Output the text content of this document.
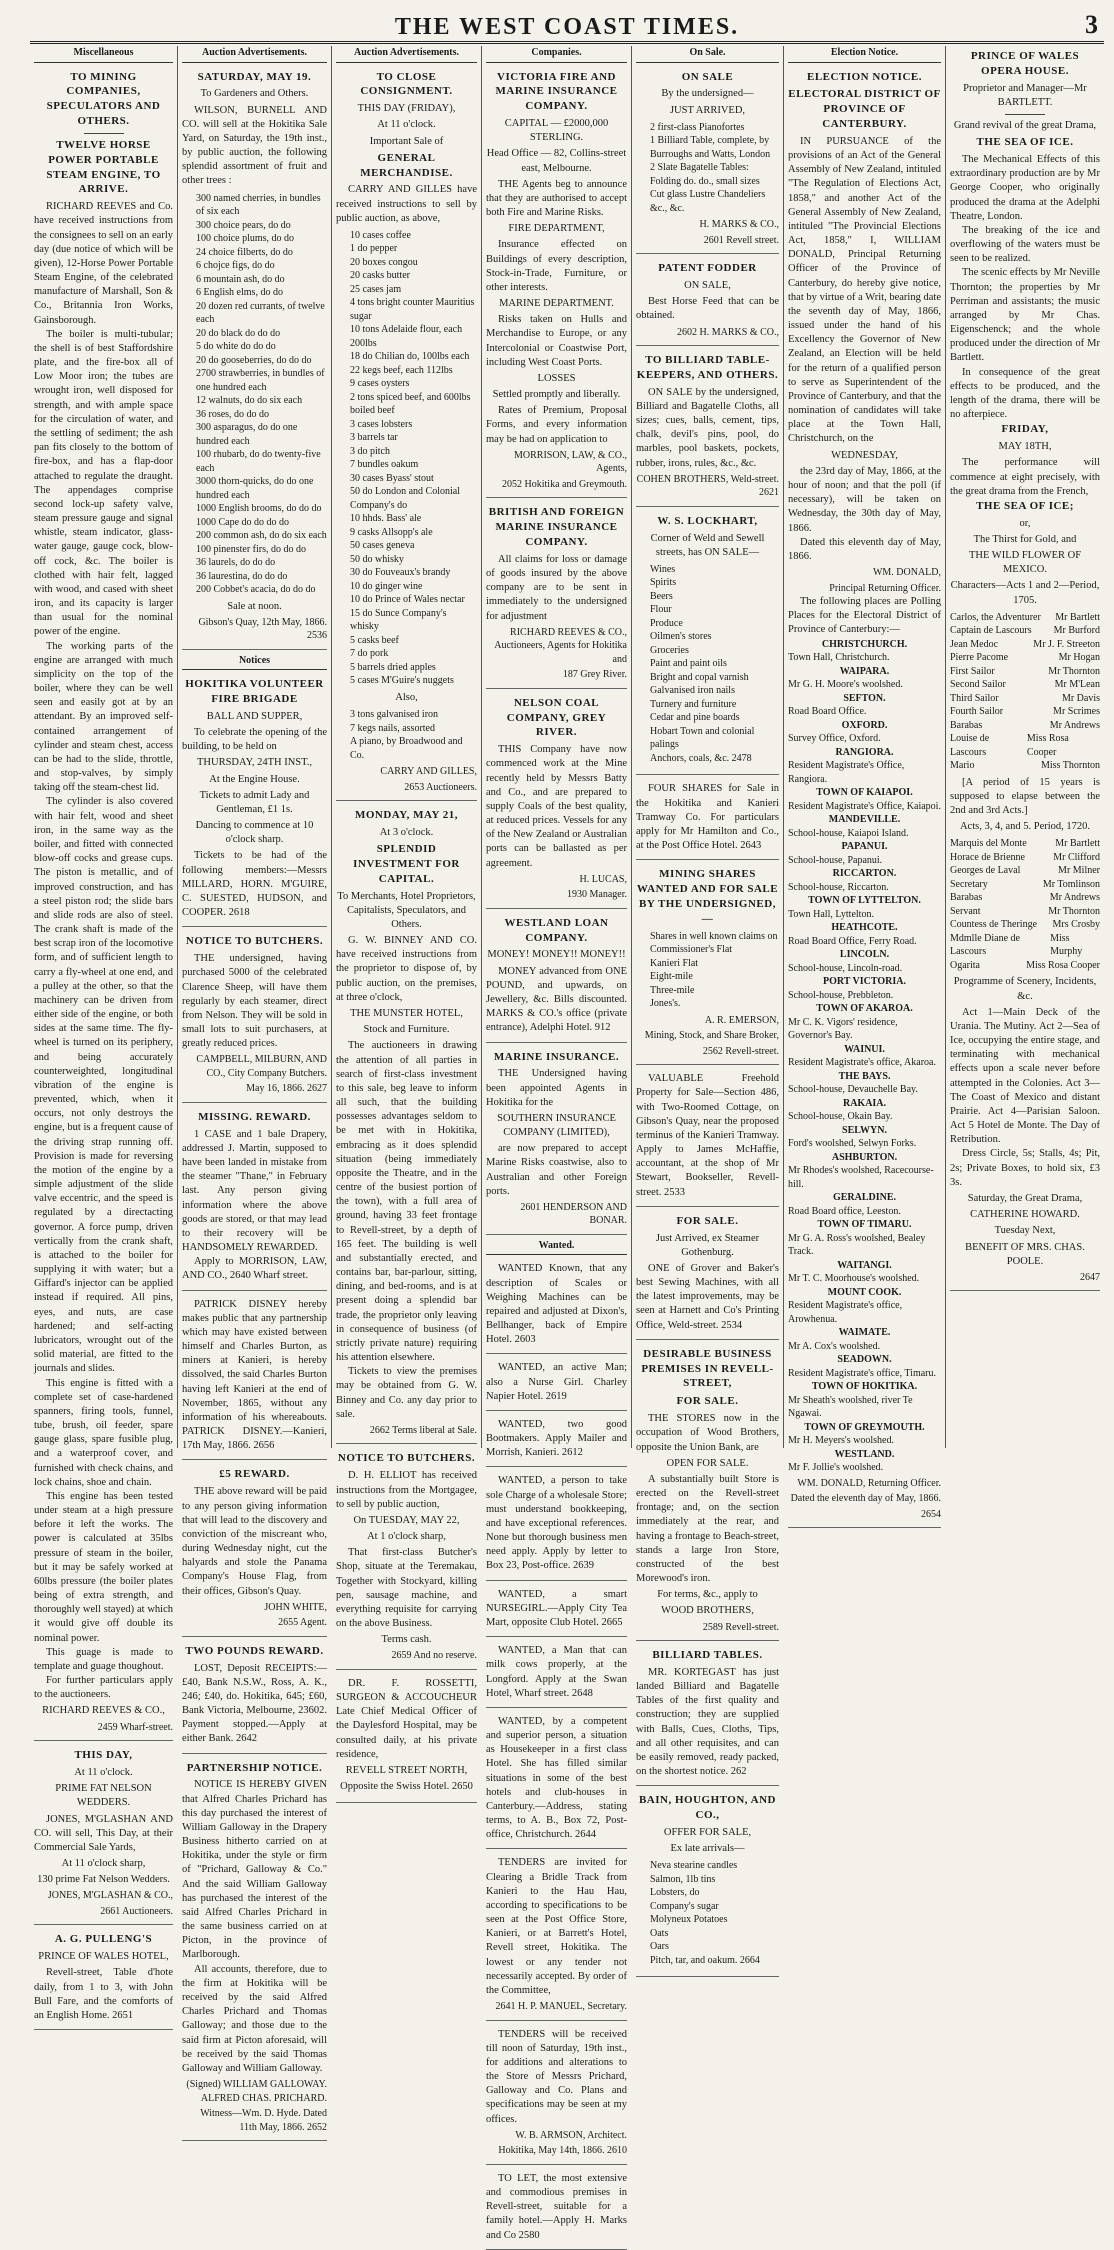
THE WEST COAST TIMES.	3
Miscellaneous
TO MINING COMPANIES, SPECULATORS AND OTHERS.
TWELVE HORSE POWER PORTABLE STEAM ENGINE, TO ARRIVE.

RICHARD REEVES and Co. have received instructions from the consignees to sell on an early day (due notice of which will be given), 12-Horse Power Portable Steam Engine, of the celebrated manufacture of Marshall, Son & Co., Britannia Iron Works, Gainsborough.

The boiler is multi-tubular; the shell is of best Staffordshire plate, and the fire-box all of Low Moor iron; the tubes are wrought iron, well disposed for strength, and with ample space for the circulation of water, and the settling of sediment; the ash pan fits closely to the bottom of fire-box, and has a flap-door attached to regulate the draught. The appendages comprise second lock-up safety valve, steam pressure gauge and signal whistle, steam indicator, glass-water gauge, gauge cock, blow-off cock, &c. The boiler is clothed with hair felt, lagged with wood, and cased with sheet iron, and its capacity is larger than usual for the nominal power of the engine.

The working parts of the engine are arranged with much simplicity on the top of the boiler, where they can be well seen and easily got at by an attendant. By an improved self-contained arrangement of cylinder and steam chest, access can be had to the slide, throttle, and stop-valves, by simply taking off the steam-chest lid.

The cylinder is also covered with hair felt, wood and sheet iron, in the same way as the boiler, and fitted with connected blow-off cocks and grease cups. The piston is metallic, and of improved construction, and has a steel piston rod; the slide bars and slide rods are also of steel. The crank shaft is made of the best scrap iron of the locomotive form, and of sufficient length to carry a fly-wheel at one end, and a pulley at the other, so that the machinery can be driven from either side of the engine, or both sides at the same time. The fly-wheel is turned on its periphery, and being accurately counterweighted, longitudinal vibration of the engine is prevented, which, when it occurs, not only destroys the engine, but is a frequent cause of the driving strap running off. Provision is made for reversing the motion of the engine by a simple adjustment of the slide valve eccentric, and the speed is regulated by a directacting governor. A force pump, driven vertically from the crank shaft, is attached to the boiler for supplying it with water; but a Giffard's injector can be applied instead if required. All pins, eyes, and nuts, are case hardened; and self-acting lubricators, wrought out of the solid material, are fitted to the journals and slides.

This engine is fitted with a complete set of case-hardened spanners, firing tools, funnel, tube, brush, oil feeder, spare gauge glass, spare fusible plug, and a waterproof cover, and furnished with check chains, and lock chains, shoe and chain.

This engine has been tested under steam at a high pressure before it left the works. The power is calculated at 35lbs pressure of steam in the boiler, but it may be safely worked at 60lbs pressure (the boiler plates being of extra strength, and thoroughly well stayed) at which it would give off double its nominal power.

This guage is made to template and guage thoughout.

For further particulars apply to the auctioneers.

RICHARD REEVES & CO.,
2459 Wharf-street.
THIS DAY,
At 11 o'clock.
PRIME FAT NELSON WEDDERS.

JONES, M'GLASHAN AND CO. will sell, This Day, at their Commercial Sale Yards,

At 11 o'clock sharp,
130 prime Fat Nelson Wedders.
JONES, M'GLASHAN & CO.,
2661 Auctioneers.
A. G. PULLENG'S
PRINCE OF WALES HOTEL,

Revell-street, Table d'hote daily, from 1 to 3, with John Bull Fare, and the comforts of an English Home. 2651

Auction Advertisements.
SATURDAY, MAY 19.
To Gardeners and Others.

WILSON, BURNELL AND CO. will sell at the Hokitika Sale Yard, on Saturday, the 19th inst., by public auction, the following splendid assortment of fruit and other trees :

300 named cherries, in bundles of six each
300 choice pears, do do
100 choice plums, do do
24 choice filberts, do do
6 chojce figs, do do
6 mountain ash, do do
6 English elms, do do
20 dozen red currants, of twelve each
20 do black do do do
5 do white do do do
20 do gooseberries, do do do
2700 strawberries, in bundles of one hundred each
12 walnuts, do do six each
36 roses, do do do
300 asparagus, do do one hundred each
100 rhubarb, do do twenty-five each
3000 thorn-quicks, do do one hundred each
1000 English brooms, do do do
1000 Cape do do do do
200 common ash, do do six each
100 pinenster firs, do do do
36 laurels, do do do
36 laurestina, do do do
200 Cobbet's acacia, do do do
Sale at noon.
Gibson's Quay, 12th May, 1866. 2536
Notices
HOKITIKA VOLUNTEER FIRE BRIGADE
BALL AND SUPPER,

To celebrate the opening of the building, to be held on

THURSDAY, 24TH INST.,
At the Engine House.
Tickets to admit Lady and Gentleman, £1 1s.
Dancing to commence at 10 o'clock sharp.

Tickets to be had of the following members:—Messrs MILLARD, HORN. M'GUIRE, C. SUESTED, HUDSON, and COOPER. 2618

NOTICE TO BUTCHERS.

THE undersigned, having purchased 5000 of the celebrated Clarence Sheep, will have them regularly by each steamer, direct from Nelson. They will be sold in small lots to suit purchasers, at greatly reduced prices.

CAMPBELL, MILBURN, AND CO., City Company Butchers.
May 16, 1866. 2627
MISSING. REWARD.

1 CASE and 1 bale Drapery, addressed J. Martin, supposed to have been landed in mistake from the steamer "Thane," in February last. Any person giving information where the above goods are stored, or that may lead to their recovery will be HANDSOMELY REWARDED.

Apply to MORRISON, LAW, AND CO., 2640 Wharf street.

PATRICK DISNEY hereby makes public that any partnership which may have existed between himself and Charles Burton, as miners at Kanieri, is hereby dissolved, the said Charles Burton having left Kanieri at the end of November, 1865, without any information of his whereabouts. PATRICK DISNEY.—Kanieri, 17th May, 1866. 2656

£5 REWARD.

THE above reward will be paid to any person giving information that will lead to the discovery and conviction of the miscreant who, during Wednesday night, cut the halyards and stole the Panama Company's House Flag, from their offices, Gibson's Quay.

JOHN WHITE,
2655 Agent.
TWO POUNDS REWARD.

LOST, Deposit RECEIPTS:— £40, Bank N.S.W., Ross, A. K., 246; £40, do. Hokitika, 645; £60, Bank Victoria, Melbourne, 23602. Payment stopped.—Apply at either Bank. 2642

PARTNERSHIP NOTICE.

NOTICE IS HEREBY GIVEN that Alfred Charles Prichard has this day purchased the interest of William Galloway in the Drapery Business hitherto carried on at Hokitika, under the style or firm of "Prichard, Galloway & Co." And the said William Galloway has purchased the interest of the said Alfred Charles Prichard in the same business carried on at Picton, in the province of Marlborough.

All accounts, therefore, due to the firm at Hokitika will be received by the said Alfred Charles Prichard and Thomas Galloway; and those due to the said firm at Picton aforesaid, will be received by the said Thomas Galloway and William Galloway.

(Signed) WILLIAM GALLOWAY. ALFRED CHAS. PRICHARD.
Witness—Wm. D. Hyde. Dated 11th May, 1866. 2652
Auction Advertisements.
TO CLOSE CONSIGNMENT.
THIS DAY (FRIDAY),
At 11 o'clock.
Important Sale of
GENERAL MERCHANDISE.

CARRY AND GILLES have received instructions to sell by public auction, as above,

10 cases coffee
1 do pepper
20 boxes congou
20 casks butter
25 cases jam
4 tons bright counter Mauritius sugar
10 tons Adelaide flour, each 200lbs
18 do Chilian do, 100lbs each
22 kegs beef, each 112lbs
9 cases oysters
2 tons spiced beef, and 600lbs boiled beef
3 cases lobsters
3 barrels tar
3 do pitch
7 bundles oakum
30 cases Byass' stout
50 do London and Colonial Company's do
10 hhds. Bass' ale
9 casks Allsopp's ale
50 cases geneva
50 do whisky
30 do Fouveaux's brandy
10 do ginger wine
10 do Prince of Wales nectar
15 do Sunce Company's whisky
5 casks beef
7 do pork
5 barrels dried apples
5 cases M'Guire's nuggets
Also,
3 tons galvanised iron
7 kegs nails, assorted
A piano, by Broadwood and Co.
CARRY AND GILLES,
2653 Auctioneers.
MONDAY, MAY 21,
At 3 o'clock.
SPLENDID INVESTMENT FOR CAPITAL.
To Merchants, Hotel Proprietors, Capitalists, Speculators, and Others.

G. W. BINNEY AND CO. have received instructions from the proprietor to dispose of, by public auction, on the premises, at three o'clock,

THE MUNSTER HOTEL,
Stock and Furniture.

The auctioneers in drawing the attention of all parties in search of first-class investment to this sale, beg leave to inform all such, that the building possesses advantages seldom to be met with in Hokitika, embracing as it does splendid situation (being immediately opposite the Theatre, and in the centre of the busiest portion of the town), with a full area of ground, having 33 feet frontage to Revell-street, by a depth of 165 feet. The building is well and substantially erected, and contains bar, bar-parlour, sitting, dining, and bed-rooms, and is at present doing a splendid bar trade, the proprietor only leaving in consequence of business (of strictly private nature) requiring his attention elsewhere.

Tickets to view the premises may be obtained from G. W. Binney and Co. any day prior to sale.

2662 Terms liberal at Sale.
NOTICE TO BUTCHERS.

D. H. ELLIOT has received instructions from the Mortgagee, to sell by public auction,

On TUESDAY, MAY 22,
At 1 o'clock sharp,

That first-class Butcher's Shop, situate at the Teremakau, Together with Stockyard, killing pen, sausage machine, and everything requisite for carrying on the above Business.

Terms cash.
2659 And no reserve.

DR. F. ROSSETTI, SURGEON & ACCOUCHEUR Late Chief Medical Officer of the Daylesford Hospital, may be consulted daily, at his private residence,

REVELL STREET NORTH,
Opposite the Swiss Hotel. 2650
Companies.
VICTORIA FIRE AND MARINE INSURANCE COMPANY.
CAPITAL — £2000,000 STERLING.
Head Office — 82, Collins-street east, Melbourne.

THE Agents beg to announce that they are authorised to accept both Fire and Marine Risks.

FIRE DEPARTMENT,

Insurance effected on Buildings of every description, Stock-in-Trade, Furniture, or other interests.

MARINE DEPARTMENT.

Risks taken on Hulls and Merchandise to Europe, or any Intercolonial or Coastwise Port, including West Coast Ports.

LOSSES
Settled promptly and liberally.

Rates of Premium, Proposal Forms, and every information may be had on application to

MORRISON, LAW, & CO., Agents,
2052 Hokitika and Greymouth.
BRITISH AND FOREIGN MARINE INSURANCE COMPANY.

All claims for loss or damage of goods insured by the above company are to be sent in immediately to the undersigned for adjustment

RICHARD REEVES & CO., Auctioneers, Agents for Hokitika and
187 Grey River.
NELSON COAL COMPANY, GREY RIVER.

THIS Company have now commenced work at the Mine recently held by Messrs Batty and Co., and are prepared to supply Coals of the best quality, at reduced prices. Vessels for any of the New Zealand or Australian ports can be ballasted as per agreement.

H. LUCAS,
1930 Manager.
WESTLAND LOAN COMPANY.
MONEY! MONEY!! MONEY!!

MONEY advanced from ONE POUND, and upwards, on Jewellery, &c. Bills discounted. MARKS & CO.'s office (private entrance), Adelphi Hotel. 912

MARINE INSURANCE.

THE Undersigned having been appointed Agents in Hokitika for the

SOUTHERN INSURANCE COMPANY (LIMITED),

are now prepared to accept Marine Risks coastwise, also to Australian and other Foreign ports.

2601 HENDERSON AND BONAR.
Wanted.

WANTED Known, that any description of Scales or Weighing Machines can be repaired and adjusted at Dixon's, Bellhanger, back of Empire Hotel. 2603

WANTED, an active Man; also a Nurse Girl. Charley Napier Hotel. 2619

WANTED, two good Bootmakers. Apply Mailer and Morrish, Kanieri. 2612

WANTED, a person to take sole Charge of a wholesale Store; must understand bookkeeping, and have exceptional references. None but thorough business men need apply. Apply by letter to Box 23, Post-office. 2639

WANTED, a smart NURSEGIRL.—Apply City Tea Mart, opposite Club Hotel. 2665

WANTED, a Man that can milk cows properly, at the Longford. Apply at the Swan Hotel, Wharf street. 2648

WANTED, by a competent and superior person, a situation as Housekeeper in a first class Hotel. She has filled similar situations in some of the best hotels and club-houses in Canterbury.—Address, stating terms, to A. B., Box 72, Post-office, Christchurch. 2644

TENDERS are invited for Clearing a Bridle Track from Kanieri to the Hau Hau, according to specifications to be seen at the Post Office Store, Kanieri, or at Barrett's Hotel, Revell street, Hokitika. The lowest or any tender not necessarily accepted. By order of the Committee,

2641 H. P. MANUEL, Secretary.

TENDERS will be received till noon of Saturday, 19th inst., for additions and alterations to the Store of Messrs Prichard, Galloway and Co. Plans and specifications may be seen at my offices.

W. B. ARMSON, Architect.
Hokitika, May 14th, 1866. 2610

TO LET, the most extensive and commodious premises in Revell-street, suitable for a family hotel.—Apply H. Marks and Co 2580

On Sale.
ON SALE
By the undersigned—
JUST ARRIVED,
2 first-class Pianofortes
1 Billiard Table, complete, by Burroughs and Watts, London
2 Slate Bagatelle Tables:
Folding do. do., small sizes
Cut glass Lustre Chandeliers
&c., &c.
H. MARKS & CO.,
2601 Revell street.
PATENT FODDER
ON SALE,

Best Horse Feed that can be obtained.

2602 H. MARKS & CO.,
TO BILLIARD TABLE-KEEPERS, AND OTHERS.

ON SALE by the undersigned, Billiard and Bagatelle Cloths, all sizes; cues, balls, cement, tips, chalk, devil's pins, pool, do marbles, pool baskets, pockets, rubber, irons, rules, &c., &c.

COHEN BROTHERS, Weld-street. 2621
W. S. LOCKHART,
Corner of Weld and Sewell streets, has ON SALE—
Wines
Spirits
Beers
Flour
Produce
Oilmen's stores
Groceries
Paint and paint oils
Bright and copal varnish
Galvanised iron nails
Turnery and furniture
Cedar and pine boards
Hobart Town and colonial palings
Anchors, coals, &c. 2478

FOUR SHARES for Sale in the Hokitika and Kanieri Tramway Co. For particulars apply for Mr Hamilton and Co., at the Post Office Hotel. 2643

MINING SHARES WANTED AND FOR SALE BY THE UNDERSIGNED,—
Shares in well known claims on
Commissioner's Flat
Kanieri Flat
Eight-mile
Three-mile
Jones's.
A. R. EMERSON,
Mining, Stock, and Share Broker,
2562 Revell-street.

VALUABLE Freehold Property for Sale—Section 486, with Two-Roomed Cottage, on Gibson's Quay, near the proposed terminus of the Kanieri Tramway. Apply to James McHaffie, accountant, at the shop of Mr Stewart, Bookseller, Revell-street. 2533

FOR SALE.
Just Arrived, ex Steamer Gothenburg.

ONE of Grover and Baker's best Sewing Machines, with all the latest improvements, may be seen at Harnett and Co's Printing Office, Weld-street. 2534

DESIRABLE BUSINESS PREMISES IN REVELL-STREET,
FOR SALE.

THE STORES now in the occupation of Wood Brothers, opposite the Union Bank, are

OPEN FOR SALE.

A substantially built Store is erected on the Revell-street frontage; and, on the section immediately at the rear, and having a frontage to Beach-street, stands a large Iron Store, constructed of the best Morewood's iron.

For terms, &c., apply to
WOOD BROTHERS,
2589 Revell-street.
BILLIARD TABLES.

MR. KORTEGAST has just landed Billiard and Bagatelle Tables of the first quality and construction; they are supplied with Balls, Cues, Cloths, Tips, and all other requisites, and can be easily removed, ready packed, on the shortest notice. 262

BAIN, HOUGHTON, AND CO.,
OFFER FOR SALE,
Ex late arrivals—
Neva stearine candles
Salmon, 1lb tins
Lobsters, do
Company's sugar
Molyneux Potatoes
Oats
Oars
Pitch, tar, and oakum. 2664
Election Notice.
ELECTION NOTICE.
ELECTORAL DISTRICT OF PROVINCE OF CANTERBURY.

IN PURSUANCE of the provisions of an Act of the General Assembly of New Zealand, intituled "The Regulation of Elections Act, 1858," and another Act of the General Assembly of New Zealand, intituled "The Provincial Elections Act, 1858," I, WILLIAM DONALD, Principal Returning Officer of the Province of Canterbury, do hereby give notice, that by virtue of a Writ, bearing date the seventh day of May, 1866, issued under the hand of his Excellency the Governor of New Zealand, an Election will be held for the return of a qualified person to serve as Superintendent of the Province of Canterbury, and that the nomination of candidates will take place at the Town Hall, Christchurch, on the

WEDNESDAY,

the 23rd day of May, 1866, at the hour of noon; and that the poll (if necessary), will be taken on Wednesday, the 30th day of May, 1866.

Dated this eleventh day of May, 1866.

WM. DONALD,
Principal Returning Officer.

The following places are Polling Places for the Electoral District of Province of Canterbury:—

CHRISTCHURCH.
Town Hall, Christchurch.
WAIPARA.
Mr G. H. Moore's woolshed.
SEFTON.
Road Board Office.
OXFORD.
Survey Office, Oxford.
RANGIORA.
Resident Magistrate's Office, Rangiora.
TOWN OF KAIAPOI.
Resident Magistrate's Office, Kaiapoi.
MANDEVILLE.
School-house, Kaiapoi Island.
PAPANUI.
School-house, Papanui.
RICCARTON.
School-house, Riccarton.
TOWN OF LYTTELTON.
Town Hall, Lyttelton.
HEATHCOTE.
Road Board Office, Ferry Road.
LINCOLN.
School-house, Lincoln-road.
PORT VICTORIA.
School-house, Prebbleton.
TOWN OF AKAROA.
Mr C. K. Vigors' residence, Governor's Bay.
WAINUI.
Resident Magistrate's office, Akaroa.
THE BAYS.
School-house, Devauchelle Bay.
RAKAIA.
School-house, Okain Bay.
SELWYN.
Ford's woolshed, Selwyn Forks.
ASHBURTON.
Mr Rhodes's woolshed, Racecourse-hill.
GERALDINE.
Road Board office, Leeston.
TOWN OF TIMARU.
Mr G. A. Ross's woolshed, Bealey Track.
WAITANGI.
Mr T. C. Moorhouse's woolshed.
MOUNT COOK.
Resident Magistrate's office, Arowhenua.
WAIMATE.
Mr A. Cox's woolshed.
SEADOWN.
Resident Magistrate's office, Timaru.
TOWN OF HOKITIKA.
Mr Sheath's woolshed, river Te Ngawai.
TOWN OF GREYMOUTH.
Mr H. Meyers's woolshed.
WESTLAND.
Mr F. Jollie's woolshed.
WM. DONALD, Returning Officer.
Dated the eleventh day of May, 1866.
2654
PRINCE OF WALES OPERA HOUSE.
Proprietor and Manager—Mr BARTLETT.
Grand revival of the great Drama,
THE SEA OF ICE.

The Mechanical Effects of this extraordinary production are by Mr George Cooper, who originally produced the drama at the Adelphi Theatre, London.

The breaking of the ice and overflowing of the waters must be seen to be realized.

The scenic effects by Mr Neville Thornton; the properties by Mr Perriman and assistants; the music arranged by Mr Chas. Eigenschenck; and the whole produced under the direction of Mr Bartlett.

In consequence of the great effects to be produced, and the length of the drama, there will be no afterpiece.

FRIDAY,
MAY 18TH,

The performance will commence at eight precisely, with the great drama from the French,

THE SEA OF ICE;
or,
The Thirst for Gold, and
THE WILD FLOWER OF MEXICO.
Characters—Acts 1 and 2—Period, 1705.
Carlos, the Adventurer Mr Bartlett
Captain de Lascours Mr Burford
Jean Medoc	Mr J. F. Streeton
Pierre Pacome	Mr Hogan
First Sailor	Mr Thornton
Second Sailor	Mr M'Lean
Third Sailor	Mr Davis
Fourth Sailor	Mr Scrimes
Barabas	Mr Andrews
Louise de Lascours
Miss Rosa Cooper
Mario	Miss Thornton

[A period of 15 years is supposed to elapse between the 2nd and 3rd Acts.]

Acts, 3, 4, and 5. Period, 1720.
Marquis del Monte	Mr Bartlett
Horace de Brienne	Mr Clifford
Georges de Laval	Mr Milner
Secretary	Mr Tomlinson
Barabas	Mr Andrews
Servant	Mr Thornton
Countess de Theringe Mrs Crosby
Mdmlle Diane de Lascours
Miss Murphy
Ogarita	Miss Rosa Cooper
Programme of Scenery, Incidents, &c.

Act 1—Main Deck of the Urania. The Mutiny. Act 2—Sea of Ice, occupying the entire stage, and terminating with mechanical effects upon a scale never before attempted in the Colonies. Act 3—The Coast of Mexico and distant Prairie. Act 4—Parisian Saloon. Act 5 Hotel de Monte. The Day of Retribution.

Dress Circle, 5s; Stalls, 4s; Pit, 2s; Private Boxes, to hold six, £3 3s.

Saturday, the Great Drama,
CATHERINE HOWARD.
Tuesday Next,
BENEFIT OF MRS. CHAS. POOLE.
2647
